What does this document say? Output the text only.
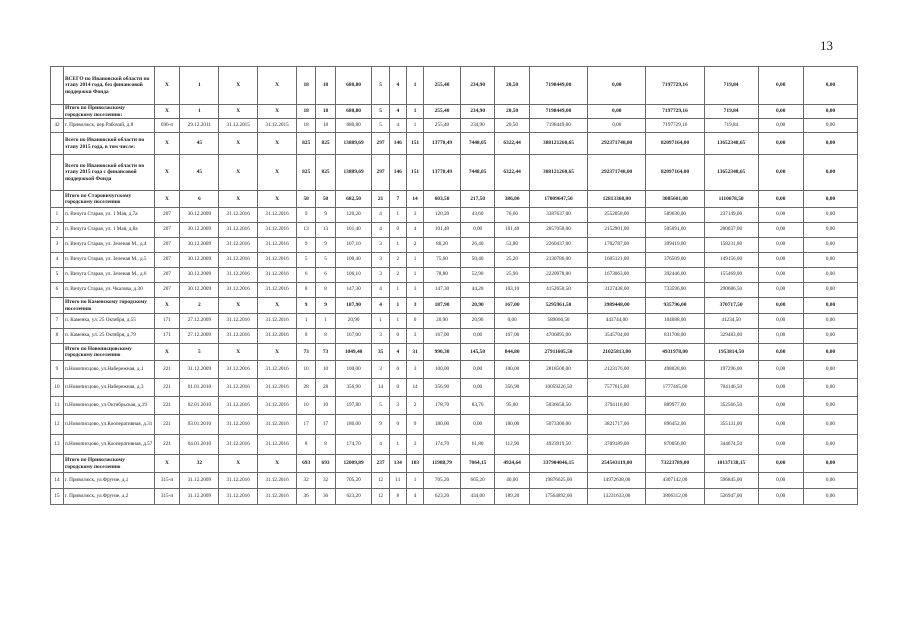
13
	ВСЕГО по Ивановской области по этапу 2014 года, без финансовой поддержки Фонда	Х	1	Х	Х	18	18	680,80	5	4	1	255,40	234,90	20,50	7198449,00	0,00	7197729,16	719,84	0,00	0,00
	Итого по Приволжскому городскому поселению:	Х	1	Х	Х	18	18	680,80	5	4	1	255,40	234,90	20,50	7198449,00	0,00	7197729,16	719,84	0,00	0,00
42	г. Приволжск, пер.Рабочий, д.8	696-п	29.12.2011	31.12.2015	31.12.2015	18	18	680,80	5	4	1	255,40	234,90	20,50	7198449,00	0,00	7197729,16	719,84	0,00	0,00
	Всего по Ивановской области по этапу 2015 года, в том числе:	Х	45	Х	Х	825	825	13889,69	297	146	151	13770,49	7448,05	6322,44	388121260,65	292371748,00	82097164,00	13652348,65	0,00	0,00
	Всего по Ивановской области по этапу 2015 года с финансовой поддержкой Фонда	Х	45	Х	Х	825	825	13889,69	297	146	151	13770,49	7448,05	6322,44	388121260,65	292371748,00	82097164,00	13652348,65	0,00	0,00
	Итого по Старовичугскому городскому поселению	Х	6	Х	Х	50	50	682,50	21	7	14	603,50	217,50	386,00	17009647,50	12813368,00	3085601,00	1110678,50	0,00	0,00
1	п. Вичуга Старая, ул. 1 Мая, д.7а	207	30.12.2009	31.12.2016	31.12.2016	9	9	120,20	4	1	3	120,20	43,60	76,60	3387637,00	2552058,00	589630,00	237149,00	0,00	0,00
2	п. Вичуга Старая, ул. 1 Мая, д.8а	207	30.12.2009	31.12.2016	31.12.2016	13	13	101,40	4	0	4	101,40	0,00	101,40	2857058,00	2152901,00	505091,00	200037,00	0,00	0,00
3	п. Вичуга Старая, ул. Зеленая М., д.4	207	30.12.2009	31.12.2016	31.12.2016	9	9	107,10	3	1	2	80,20	26,40	53,80	2260437,00	1702787,00	399419,00	158231,00	0,00	0,00
4	п. Вичуга Старая, ул. Зеленая М., д.5	207	30.12.2009	31.12.2016	31.12.2016	5	5	100,40	3	2	1	75,60	50,40	25,20	2130786,00	1605121,00	376509,00	149156,00	0,00	0,00
5	п. Вичуга Старая, ул. Зеленая М., д.6	207	30.12.2009	31.12.2016	31.12.2016	6	6	106,10	3	2	1	78,80	52,90	25,90	2220978,00	1673063,00	392446,00	155469,00	0,00	0,00
6	п. Вичуга Старая, ул. Чкалова, д.30	207	30.12.2009	31.12.2016	31.12.2016	8	8	147,30	4	1	3	147,30	44,20	103,10	4152650,50	3127438,00	733596,00	290686,50	0,00	0,00
	Итого по Каменскому городскому поселению	Х	2	Х	Х	9	9	187,90	4	1	3	187,90	20,90	167,00	5295961,50	3989448,00	935796,00	370717,50	0,00	0,00
7	п. Каменка, ул. 25 Октября, д.55	171	27.12.2009	31.12.2016	31.12.2016	1	1	20,90	1	1	0	20,90	20,90	0,00	589066,50	443744,00	104088,00	41234,50	0,00	0,00
8	п. Каменка, ул. 25 Октября, д.79	171	27.12.2009	31.12.2016	31.12.2016	8	8	167,00	3	0	3	167,00	0,00	167,00	4706895,00	3545704,00	831708,00	329483,00	0,00	0,00
	Итого по Новописцовскому городскому поселению	Х	5	Х	Х	73	73	1049,40	35	4	31	990,30	145,50	844,80	27911605,50	21025813,00	4931978,00	1953814,50	0,00	0,00
9	п.Новописцово, ул.Набережная, д.1	221	31.12.2009	31.12.2016	31.12.2016	10	10	100,00	3	0	3	100,00	0,00	100,00	2818500,00	2123176,00	498028,00	197296,00	0,00	0,00
10	п.Новописцово, ул.Набережная, д.3	221	01.01.2010	31.12.2016	31.12.2016	28	28	356,90	14	0	14	356,90	0,00	356,90	10059226,50	7577615,00	1777465,00	704146,50	0,00	0,00
11	п.Новописцово, ул.Октябрьская, д.19	221	02.01.2010	31.12.2016	31.12.2016	10	10	197,80	5	3	2	178,70	83,70	95,00	5036658,50	3794116,00	889977,00	352566,50	0,00	0,00
12	п.Новописцово, ул.Кооперативная, д.31	221	03.01.2010	31.12.2016	31.12.2016	17	17	180,00	9	0	9	180,00	0,00	180,00	5073300,00	3821717,00	896452,00	355131,00	0,00	0,00
13	п.Новописцово, ул.Кооперативная, д.57	221	04.01.2010	31.12.2016	31.12.2016	8	8	174,70	4	1	3	174,70	61,80	112,90	4923919,50	3709189,00	870056,00	344674,50	0,00	0,00
	Итого по Приволжскому городскому поселению	Х	32	Х	Х	693	693	12009,89	237	134	103	11988,79	7064,15	4924,64	337904046,15	254543119,00	73223789,00	10137138,15	0,00	0,00
14	г. Приволжск, ул.Фрунзе, д.1	315-п	31.12.2009	31.12.2016	31.12.2016	32	32	705,20	12	11	1	705,20	665,20	40,00	19876625,00	14972638,00	4307142,00	596845,00	0,00	0,00
15	г. Приволжск, ул.Фрунзе, д.2	315-п	31.12.2009	31.12.2016	31.12.2016	36	36	623,20	12	8	4	623,20	434,00	189,20	17564892,00	13231633,00	3806312,00	526947,00	0,00	0,00
